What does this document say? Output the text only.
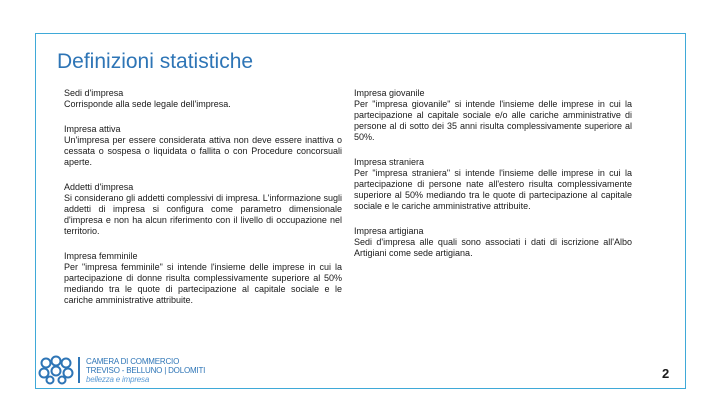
Definizioni statistiche
Sedi d'impresa

Corrisponde alla sede legale dell'impresa.

Impresa attiva

Un'impresa per essere considerata attiva non deve essere inattiva o cessata o sospesa o liquidata o fallita o con Procedure concorsuali aperte.

Addetti d'impresa

Si considerano gli addetti complessivi di impresa. L'informazione sugli addetti di impresa si configura come parametro dimensionale d'impresa e non ha alcun riferimento con il livello di occupazione nel territorio.

Impresa femminile

Per "impresa femminile" si intende l'insieme delle imprese in cui la partecipazione di donne risulta complessivamente superiore al 50% mediando tra le quote di partecipazione al capitale sociale e le cariche amministrative attribuite.

Impresa giovanile

Per "impresa giovanile" si intende l'insieme delle imprese in cui la partecipazione al capitale sociale e/o alle cariche amministrative di persone al di sotto dei 35 anni risulta complessivamente superiore al 50%.

Impresa straniera

Per "impresa straniera" si intende l'insieme delle imprese in cui la partecipazione di persone nate all'estero risulta complessivamente superiore al 50% mediando tra le quote di partecipazione al capitale sociale e le cariche amministrative attribuite.

Impresa artigiana

Sedi d'impresa alle quali sono associati i dati di iscrizione all'Albo Artigiani come sede artigiana.

CAMERA DI COMMERCIO
TREVISO - BELLUNO | DOLOMITI
bellezza e impresa	2
